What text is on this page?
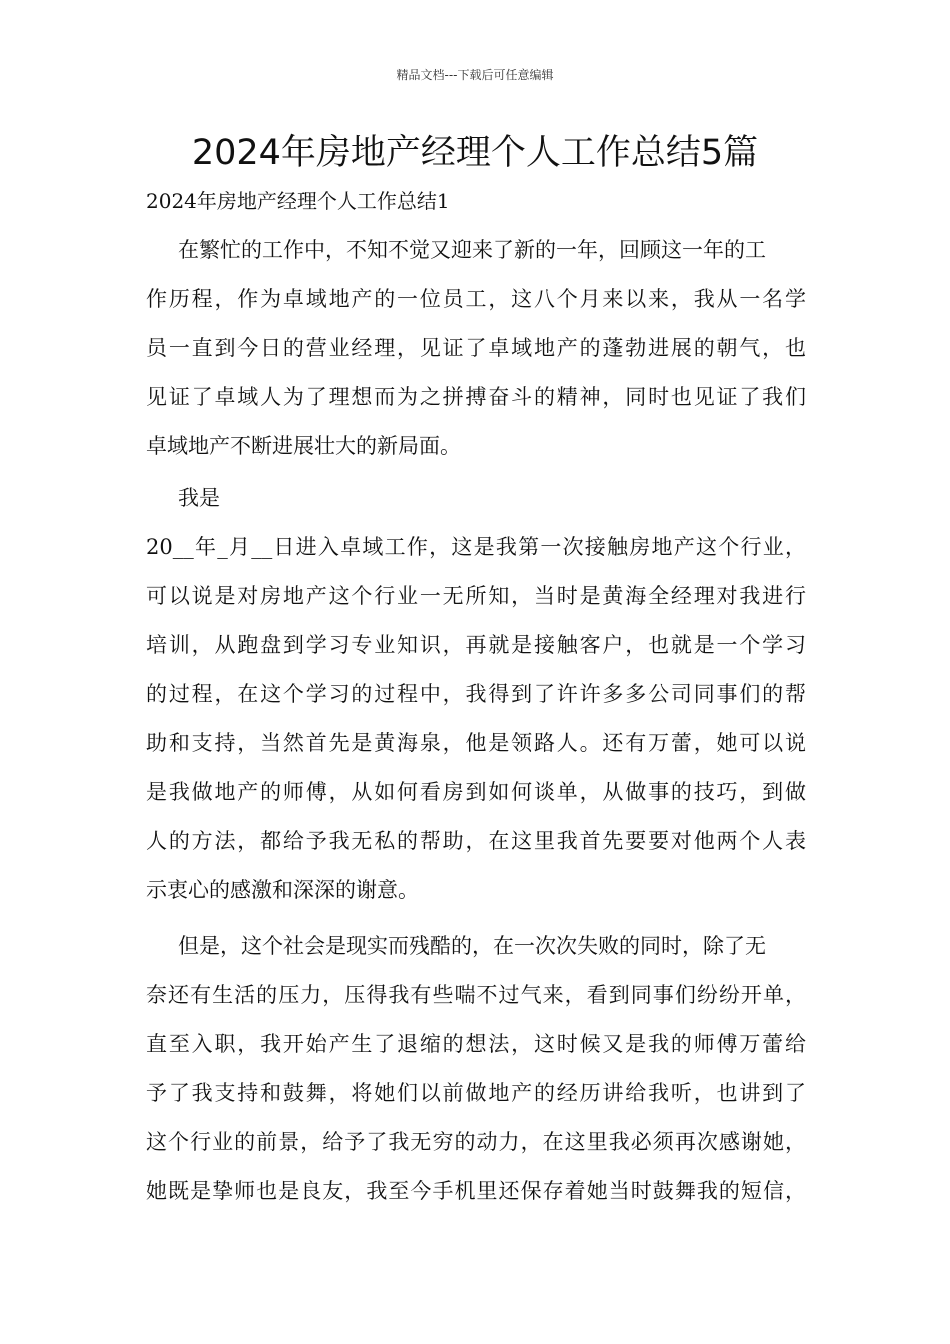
精品文档---下载后可任意编辑
2024年房地产经理个人工作总结5篇
2024年房地产经理个人工作总结1
在繁忙的工作中，不知不觉又迎来了新的一年，回顾这一年的工
作历程，作为卓域地产的一位员工，这八个月来以来，我从一名学
员一直到今日的营业经理，见证了卓域地产的蓬勃进展的朝气，也
见证了卓域人为了理想而为之拼搏奋斗的精神，同时也见证了我们
卓域地产不断进展壮大的新局面。
我是
20__年_月__日进入卓域工作，这是我第一次接触房地产这个行业，
可以说是对房地产这个行业一无所知，当时是黄海全经理对我进行
培训，从跑盘到学习专业知识，再就是接触客户，也就是一个学习
的过程，在这个学习的过程中，我得到了许许多多公司同事们的帮
助和支持，当然首先是黄海泉，他是领路人。还有万蕾，她可以说
是我做地产的师傅，从如何看房到如何谈单，从做事的技巧，到做
人的方法，都给予我无私的帮助，在这里我首先要要对他两个人表
示衷心的感激和深深的谢意。
但是，这个社会是现实而残酷的，在一次次失败的同时，除了无
奈还有生活的压力，压得我有些喘不过气来，看到同事们纷纷开单，
直至入职，我开始产生了退缩的想法，这时候又是我的师傅万蕾给
予了我支持和鼓舞，将她们以前做地产的经历讲给我听，也讲到了
这个行业的前景，给予了我无穷的动力，在这里我必须再次感谢她，
她既是挚师也是良友，我至今手机里还保存着她当时鼓舞我的短信，
